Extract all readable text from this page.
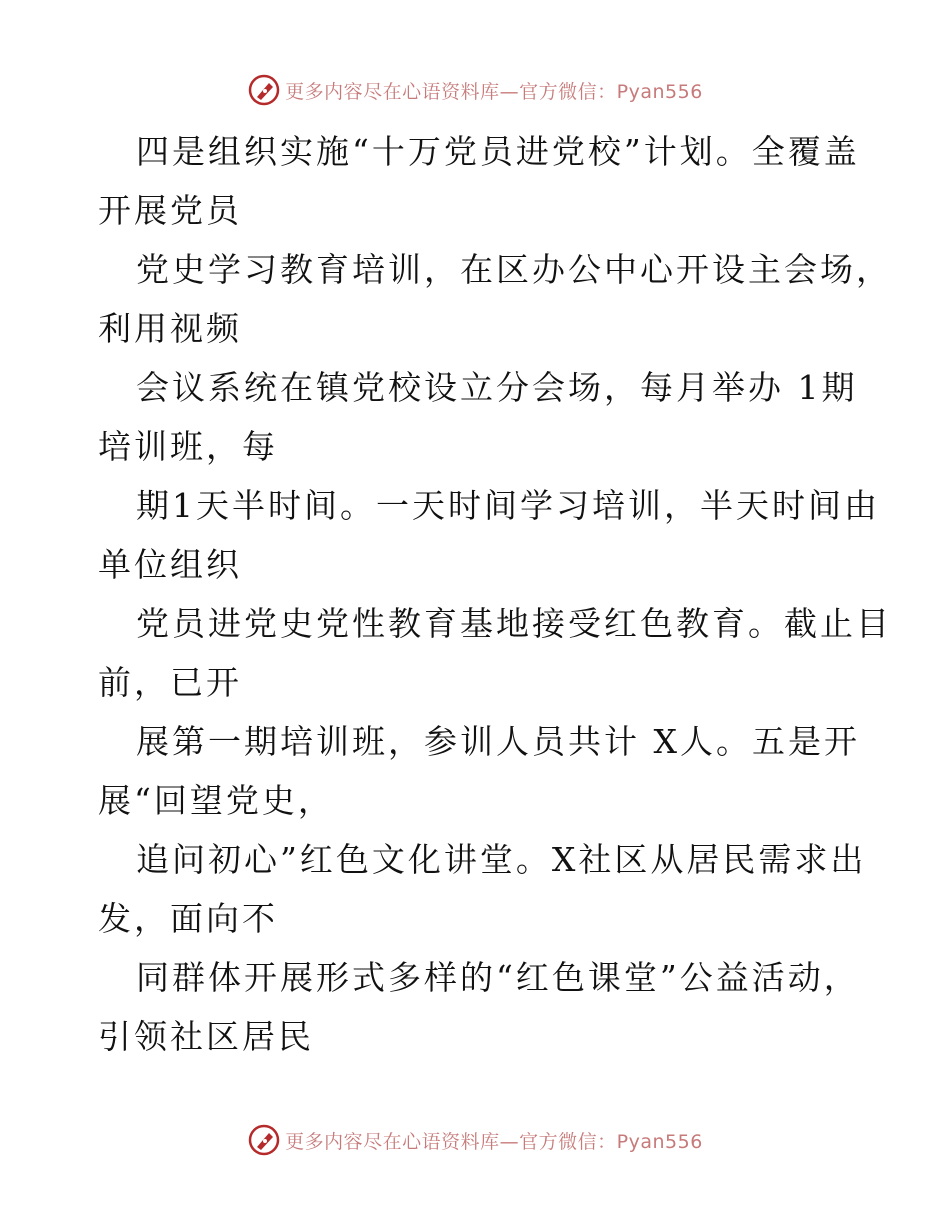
更多内容尽在心语资料库—官方微信：Pyan556
四是组织实施“十万党员进党校”计划。全覆盖
开展党员
党史学习教育培训，在区办公中心开设主会场，
利用视频
会议系统在镇党校设立分会场，每月举办 1期
培训班，每
期1天半时间。一天时间学习培训，半天时间由
单位组织
党员进党史党性教育基地接受红色教育。截止目
前，已开
展第一期培训班，参训人员共计 X人。五是开
展“回望党史，
追问初心”红色文化讲堂。X社区从居民需求出
发，面向不
同群体开展形式多样的“红色课堂”公益活动，
引领社区居民
更多内容尽在心语资料库—官方微信：Pyan556
